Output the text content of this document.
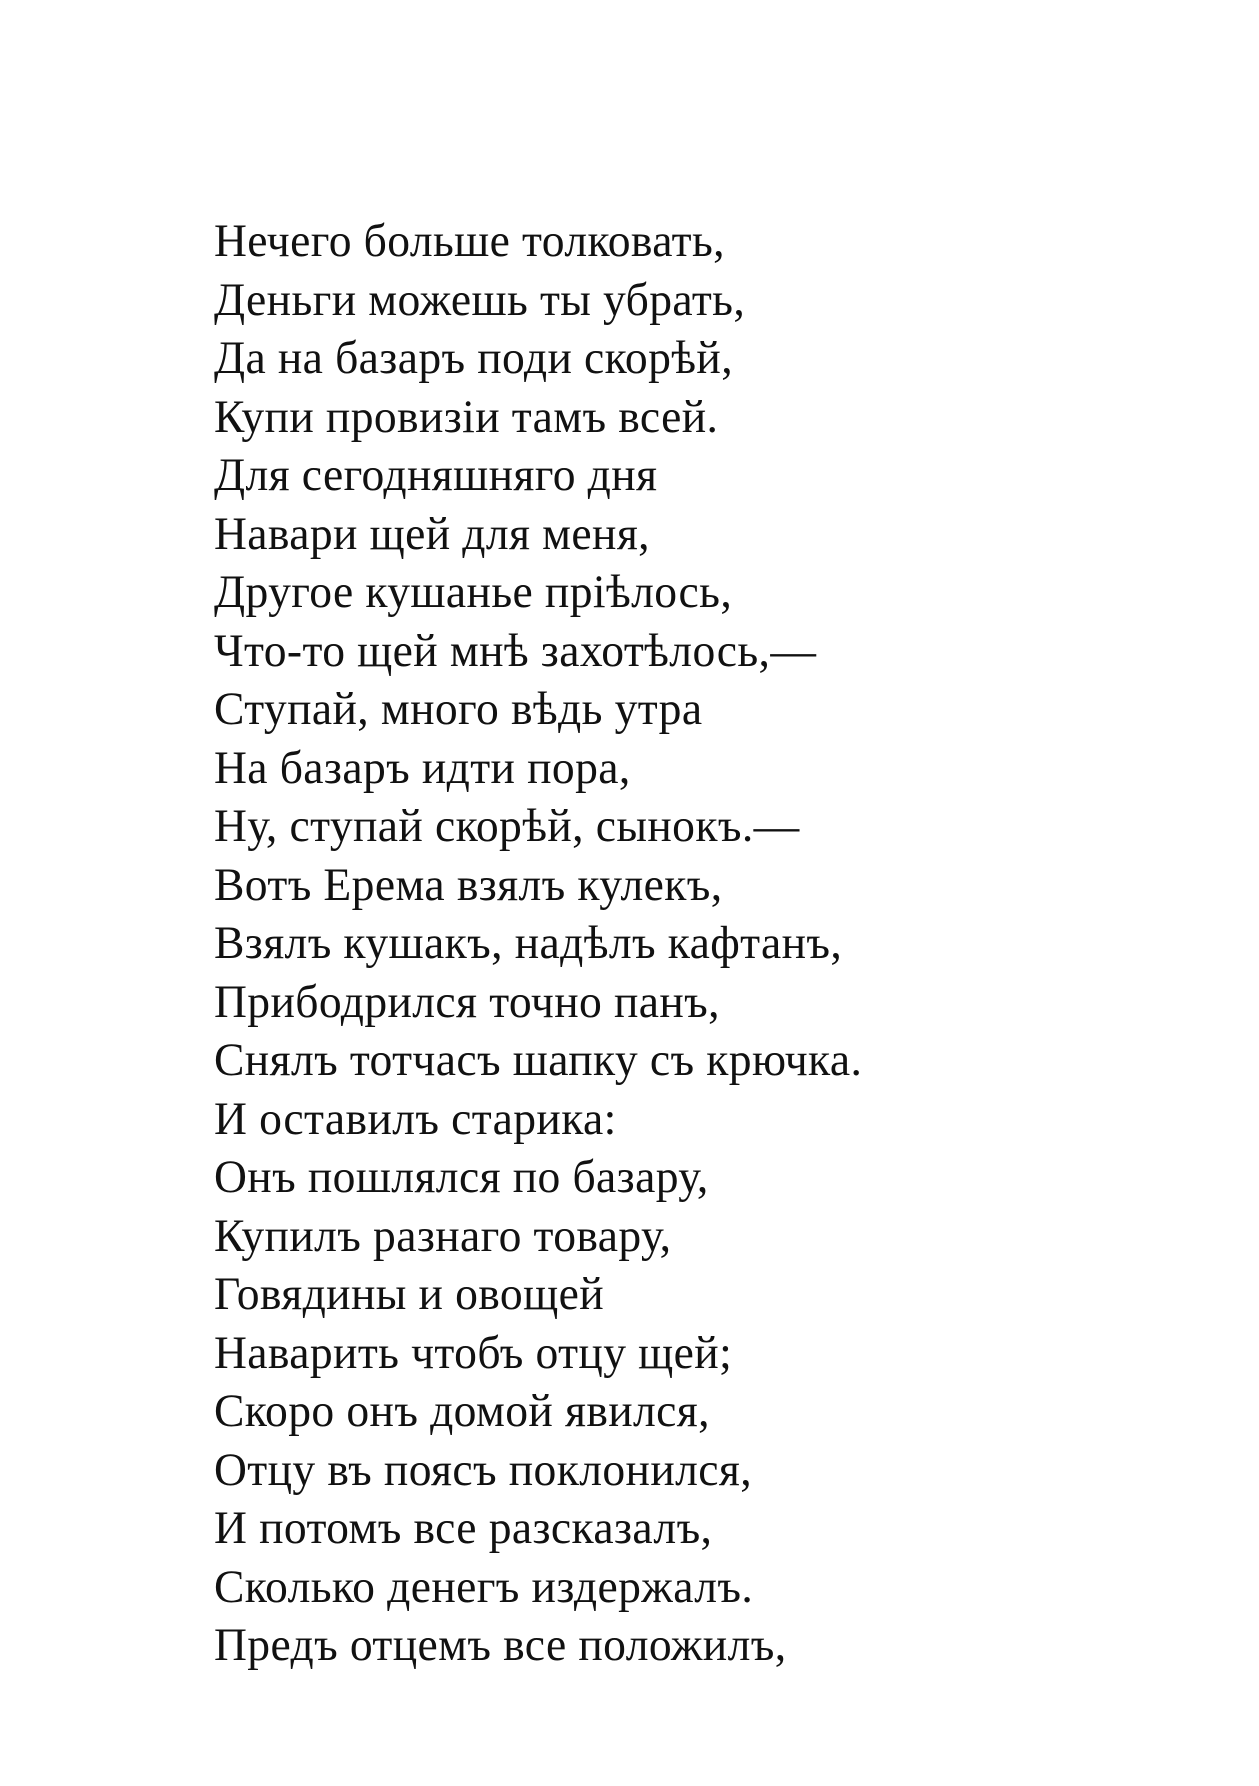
Нечего больше толковать,
Деньги можешь ты убрать,
Да на базаръ поди скорѣй,
Купи провизіи тамъ всей.
Для сегодняшняго дня
Навари щей для меня,
Другое кушанье пріѣлось,
Что-то щей мнѣ захотѣлось,—
Ступай, много вѣдь утра
На базаръ идти пора,
Ну, ступай скорѣй, сынокъ.—
Вотъ Ерема взялъ кулекъ,
Взялъ кушакъ, надѣлъ кафтанъ,
Прибодрился точно панъ,
Снялъ тотчасъ шапку съ крючка.
И оставилъ старика:
Онъ пошлялся по базару,
Купилъ разнаго товару,
Говядины и овощей
Наварить чтобъ отцу щей;
Скоро онъ домой явился,
Отцу въ поясъ поклонился,
И потомъ все разсказалъ,
Сколько денегъ издержалъ.
Предъ отцемъ все положилъ,
